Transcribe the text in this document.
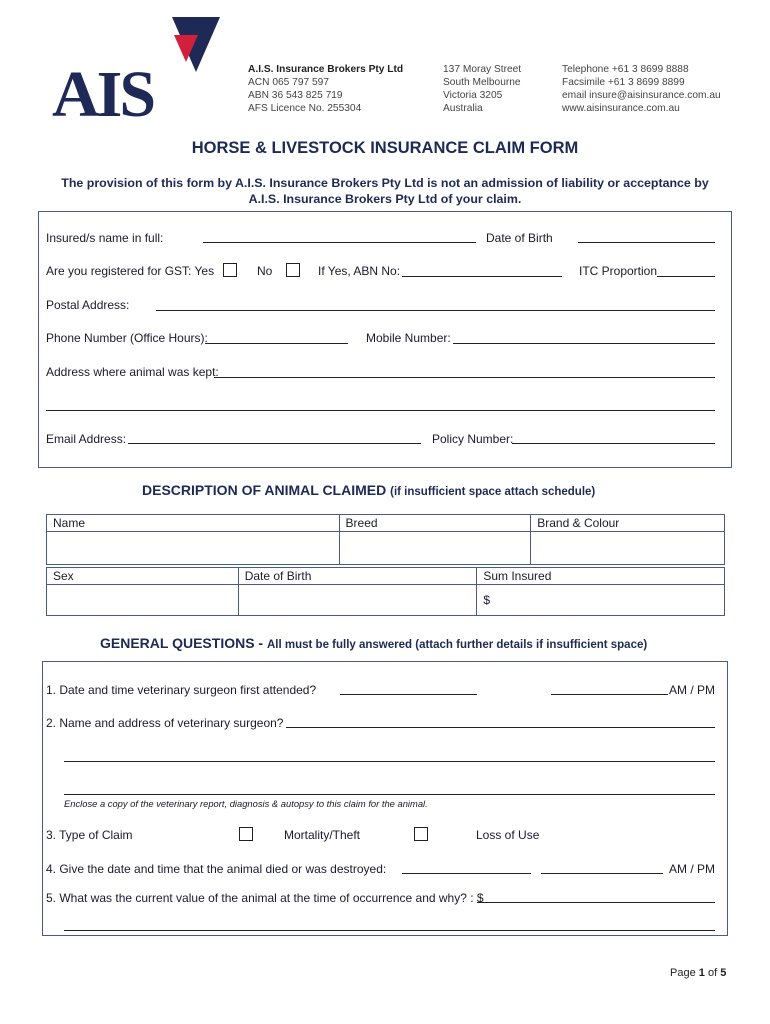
AIS	A.I.S. Insurance Brokers Pty Ltd
ACN 065 797 597
ABN 36 543 825 719
AFS Licence No. 255304
137 Moray Street
South Melbourne
Victoria 3205
Australia
Telephone +61 3 8699 8888
Facsimile +61 3 8699 8899
email insure@aisinsurance.com.au
www.aisinsurance.com.au
HORSE & LIVESTOCK INSURANCE CLAIM FORM
The provision of this form by A.I.S. Insurance Brokers Pty Ltd is not an admission of liability or acceptance by A.I.S. Insurance Brokers Pty Ltd of your claim.
Insured/s name in full:	Date of Birth
Are you registered for GST: Yes	No	If Yes, ABN No:	ITC Proportion
Postal Address:
Phone Number (Office Hours):	Mobile Number:
Address where animal was kept:
Email Address:	Policy Number:
DESCRIPTION OF ANIMAL CLAIMED (if insufficient space attach schedule)
Name	Breed	Brand & Colour

Sex	Date of Birth	Sum Insured
		$
GENERAL QUESTIONS - All must be fully answered (attach further details if insufficient space)
1. Date and time veterinary surgeon first attended?	AM / PM
2. Name and address of veterinary surgeon?
Enclose a copy of the veterinary report, diagnosis & autopsy to this claim for the animal.
3. Type of Claim	Mortality/Theft	Loss of Use
4. Give the date and time that the animal died or was destroyed:	AM / PM
5. What was the current value of the animal at the time of occurrence and why? : $
Page 1 of 5
